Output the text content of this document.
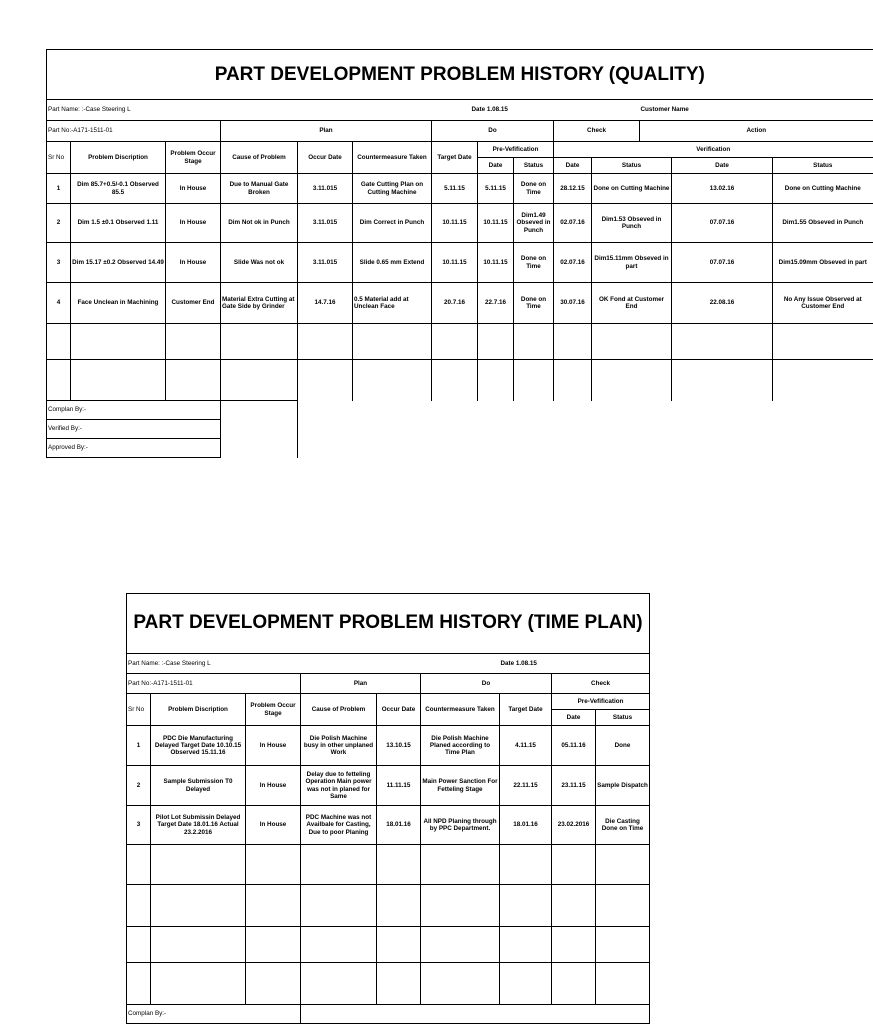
PART DEVELOPMENT PROBLEM HISTORY (QUALITY)													
Part Name: :-Case Steering L										Date 1.08.15	Customer Name		
Part No:-A171-1511-01			Plan			Do			Check		Action		
Sr No	Problem Discription	Problem Occur Stage	Cause of Problem	Occur Date	Countermeasure Taken	Target Date	Pre-Vefification		Verification				
							Date	Status	Date	Status		Date	Status
1	Dim 85.7+0.5/-0.1 Observed 85.5	In House	Due to Manual Gate Broken	3.11.015	Gate Cutting Plan on Cutting Machine	5.11.15	5.11.15	Done on Time	28.12.15	Done on Cutting Machine		13.02.16	Done on Cutting Machine
2	Dim 1.5 ±0.1 Observed 1.11	In House	Dim Not ok in Punch	3.11.015	Dim Correct in Punch	10.11.15	10.11.15	Dim1.49 Obseved in Punch	02.07.16	Dim1.53 Obseved in Punch		07.07.16	Dim1.55 Obseved in Punch
3	Dim 15.17 ±0.2 Observed 14.49	In House	Slide Was not ok	3.11.015	Slide 0.65 mm Extend	10.11.15	10.11.15	Done on Time	02.07.16	Dim15.11mm Obseved in part		07.07.16	Dim15.09mm Obseved in part
4	Face Unclean in Machining	Customer End	Material Extra Cutting at Gate Side by Grinder	14.7.16	0.5 Material add at Unclean Face	20.7.16	22.7.16	Done on Time	30.07.16	OK Fond at Customer End		22.08.16	No Any Issue Observed at Customer End

Complan By:-													
Verified By:-													
Approved By:-													
PART DEVELOPMENT PROBLEM HISTORY (TIME PLAN)								
Part Name: :-Case Steering L						Date 1.08.15		
Part No:-A171-1511-01			Plan		Do		Check	
Sr No	Problem Discription	Problem Occur Stage	Cause of Problem	Occur Date	Countermeasure Taken	Target Date	Pre-Vefification	
							Date	Status
1	PDC Die Manufacturing Delayed Target Date 10.10.15 Observed 15.11.16	In House	Die Polish Machine busy in other unplaned Work	13.10.15	Die Polish Machine Planed according to Time Plan	4.11.15	05.11.16	Done
2	Sample Submission T0 Delayed	In House	Delay due to fetteling Operation Main power was not in planed for Same	11.11.15	Main Power Sanction For Fetteling Stage	22.11.15	23.11.15	Sample Dispatch
3	Pilot Lot Submissin Delayed Target Date 18.01.16 Actual 23.2.2016	In House	PDC Machine was not Availbale for Casting, Due to poor Planing	18.01.16	All NPD Planing through by PPC Department.	18.01.16	23.02.2016	Die Casting Done on Time

Complan By:-								
